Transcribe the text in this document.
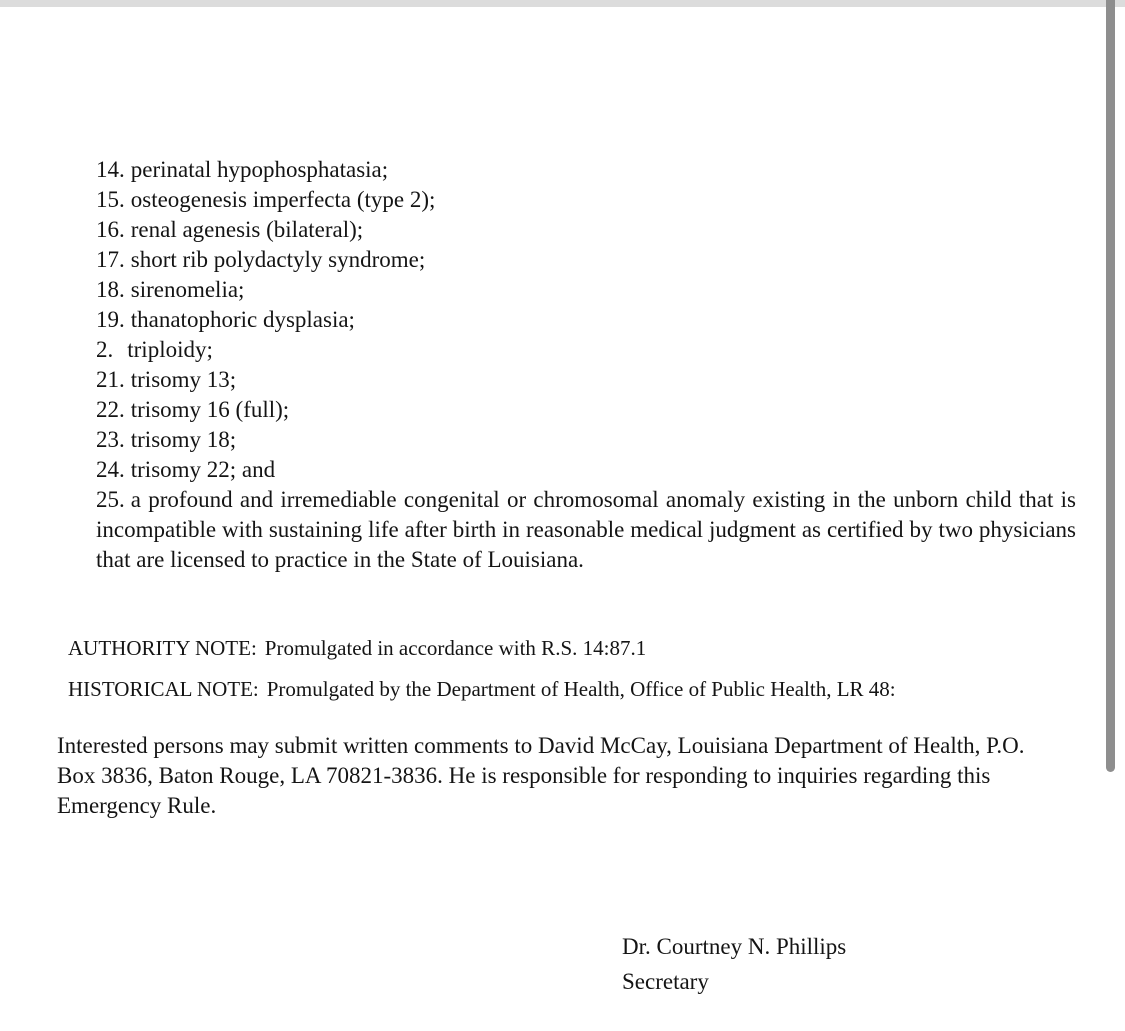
14. perinatal hypophosphatasia;
15. osteogenesis imperfecta (type 2);
16. renal agenesis (bilateral);
17. short rib polydactyly syndrome;
18. sirenomelia;
19. thanatophoric dysplasia;
2. triploidy;
21. trisomy 13;
22. trisomy 16 (full);
23. trisomy 18;
24. trisomy 22; and
25. a profound and irremediable congenital or chromosomal anomaly existing in the unborn child that is incompatible with sustaining life after birth in reasonable medical judgment as certified by two physicians that are licensed to practice in the State of Louisiana.
AUTHORITY NOTE: Promulgated in accordance with R.S. 14:87.1
HISTORICAL NOTE: Promulgated by the Department of Health, Office of Public Health, LR 48:

Interested persons may submit written comments to David McCay, Louisiana Department of Health, P.O. Box 3836, Baton Rouge, LA 70821-3836. He is responsible for responding to inquiries regarding this Emergency Rule.

Dr. Courtney N. Phillips
Secretary
